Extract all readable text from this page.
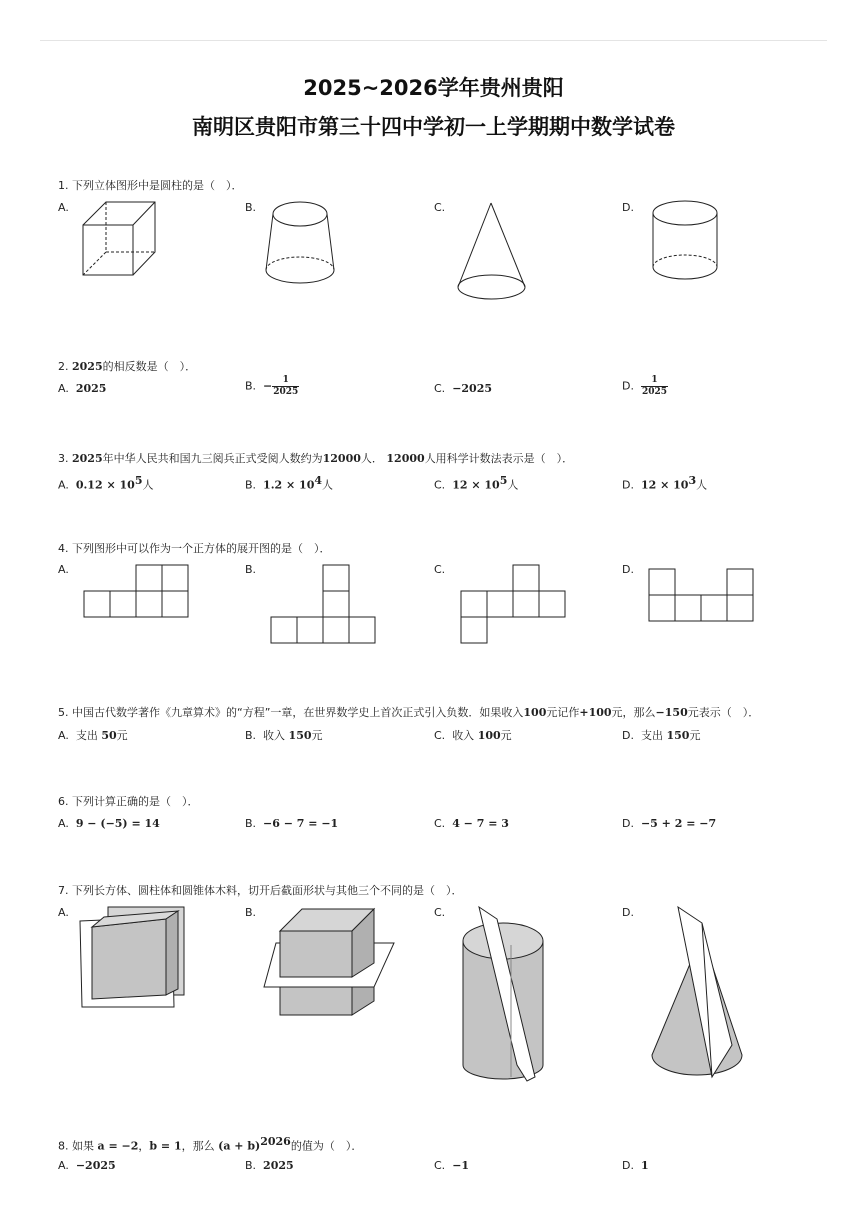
2025~2026学年贵州贵阳
南明区贵阳市第三十四中学初一上学期期中数学试卷
1. 下列立体图形中是圆柱的是（　）．
A.	B.	C.	D.
2. 2025的相反数是（　）．
A. 2025	B. − $\frac{1}{2025}$	C. −2025	D. $\frac{1}{2025}$
3. 2025年中华人民共和国九三阅兵正式受阅人数约为12000人． 12000人用科学计数法表示是（　）．
A. $0.12 \times 10^5$人	B. $1.2 \times 10^4$人	C. $12 \times 10^5$人	D. $12 \times 10^3$人
4. 下列图形中可以作为一个正方体的展开图的是（　）．
A.	B.	C.	D.
5. 中国古代数学著作《九章算术》的“方程”一章，在世界数学史上首次正式引入负数．如果收入100元记作+100元，那么−150元表示（　）．
A. 支出 50元	B. 收入 150元	C. 收入 100元	D. 支出 150元
6. 下列计算正确的是（　）．
A. 9 − (−5) = 14	B. −6 − 7 = −1	C. 4 − 7 = 3	D. −5 + 2 = −7
7. 下列长方体、圆柱体和圆锥体木料，切开后截面形状与其他三个不同的是（　）．
A.	B.	C.	D.
8. 如果 a = −2，b = 1，那么 $(a + b)^{2026}$的值为（　）．
A. −2025	B. 2025	C. −1	D. 1
